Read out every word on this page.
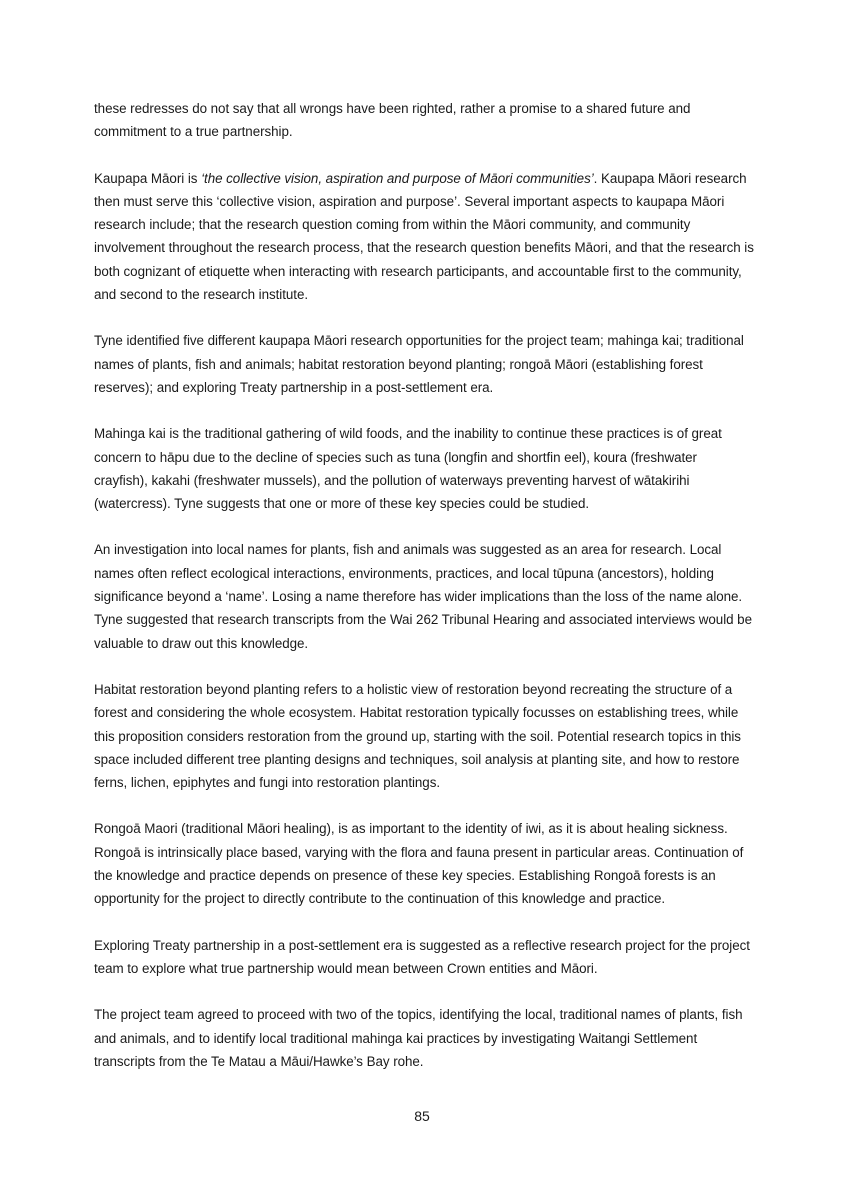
these redresses do not say that all wrongs have been righted, rather a promise to a shared future and commitment to a true partnership.

Kaupapa Māori is ‘the collective vision, aspiration and purpose of Māori communities’. Kaupapa Māori research then must serve this ‘collective vision, aspiration and purpose’. Several important aspects to kaupapa Māori research include; that the research question coming from within the Māori community, and community involvement throughout the research process, that the research question benefits Māori, and that the research is both cognizant of etiquette when interacting with research participants, and accountable first to the community, and second to the research institute.

Tyne identified five different kaupapa Māori research opportunities for the project team; mahinga kai; traditional names of plants, fish and animals; habitat restoration beyond planting; rongoā Māori (establishing forest reserves); and exploring Treaty partnership in a post-settlement era.

Mahinga kai is the traditional gathering of wild foods, and the inability to continue these practices is of great concern to hāpu due to the decline of species such as tuna (longfin and shortfin eel), koura (freshwater crayfish), kakahi (freshwater mussels), and the pollution of waterways preventing harvest of wātakirihi (watercress). Tyne suggests that one or more of these key species could be studied.

An investigation into local names for plants, fish and animals was suggested as an area for research. Local names often reflect ecological interactions, environments, practices, and local tūpuna (ancestors), holding significance beyond a ‘name’. Losing a name therefore has wider implications than the loss of the name alone. Tyne suggested that research transcripts from the Wai 262 Tribunal Hearing and associated interviews would be valuable to draw out this knowledge.

Habitat restoration beyond planting refers to a holistic view of restoration beyond recreating the structure of a forest and considering the whole ecosystem. Habitat restoration typically focusses on establishing trees, while this proposition considers restoration from the ground up, starting with the soil. Potential research topics in this space included different tree planting designs and techniques, soil analysis at planting site, and how to restore ferns, lichen, epiphytes and fungi into restoration plantings.

Rongoā Maori (traditional Māori healing), is as important to the identity of iwi, as it is about healing sickness. Rongoā is intrinsically place based, varying with the flora and fauna present in particular areas. Continuation of the knowledge and practice depends on presence of these key species. Establishing Rongoā forests is an opportunity for the project to directly contribute to the continuation of this knowledge and practice.

Exploring Treaty partnership in a post-settlement era is suggested as a reflective research project for the project team to explore what true partnership would mean between Crown entities and Māori.

The project team agreed to proceed with two of the topics, identifying the local, traditional names of plants, fish and animals, and to identify local traditional mahinga kai practices by investigating Waitangi Settlement transcripts from the Te Matau a Māui/Hawke’s Bay rohe.

85
